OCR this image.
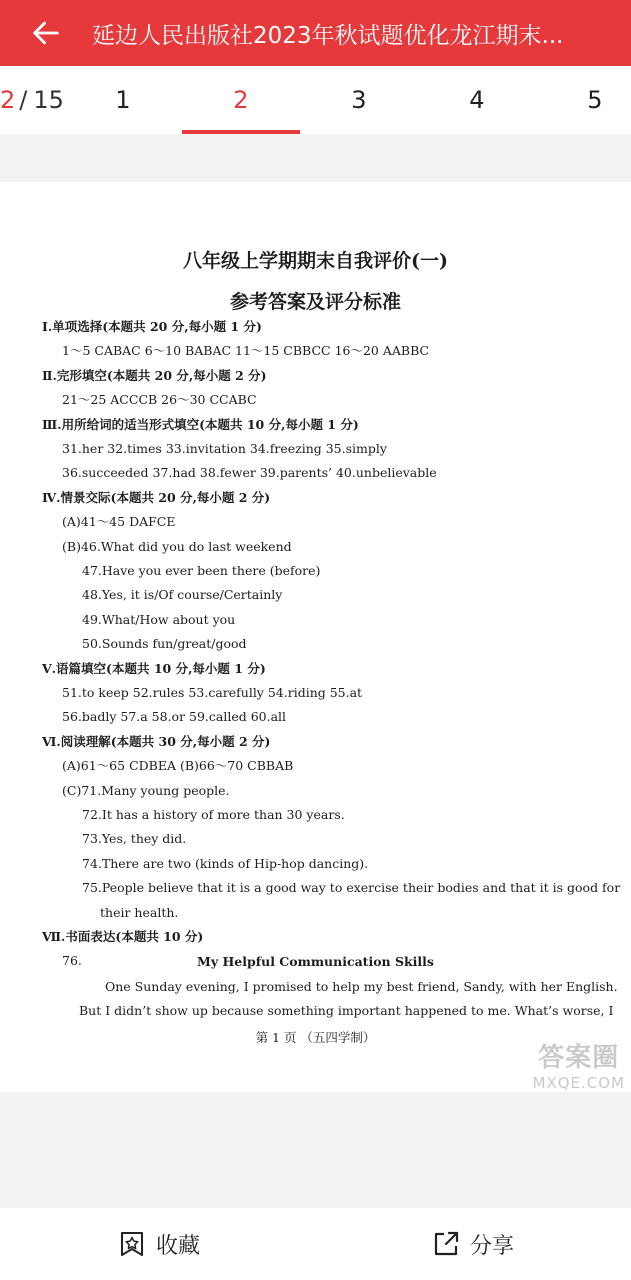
延边人民出版社2023年秋试题优化龙江期末...
2 / 15	1	2	3	4	5
八年级上学期期末自我评价(一)
参考答案及评分标准
Ⅰ.单项选择(本题共 20 分,每小题 1 分)
1～5 CABAC 6～10 BABAC 11～15 CBBCC 16～20 AABBC
Ⅱ.完形填空(本题共 20 分,每小题 2 分)
21～25 ACCCB 26～30 CCABC
Ⅲ.用所给词的适当形式填空(本题共 10 分,每小题 1 分)
31.her 32.times 33.invitation 34.freezing 35.simply
36.succeeded 37.had 38.fewer 39.parents’ 40.unbelievable
Ⅳ.情景交际(本题共 20 分,每小题 2 分)
(A)41～45 DAFCE
(B)46.What did you do last weekend
47.Have you ever been there (before)
48.Yes, it is/Of course/Certainly
49.What/How about you
50.Sounds fun/great/good
Ⅴ.语篇填空(本题共 10 分,每小题 1 分)
51.to keep 52.rules 53.carefully 54.riding 55.at
56.badly 57.a 58.or 59.called 60.all
Ⅵ.阅读理解(本题共 30 分,每小题 2 分)
(A)61～65 CDBEA (B)66～70 CBBAB
(C)71.Many young people.
72.It has a history of more than 30 years.
73.Yes, they did.
74.There are two (kinds of Hip-hop dancing).
75.People believe that it is a good way to exercise their bodies and that it is good for
their health.
Ⅶ.书面表达(本题共 10 分)
76.	My Helpful Communication Skills
One Sunday evening, I promised to help my best friend, Sandy, with her English.
But I didn’t show up because something important happened to me. What’s worse, I
第 1 页 （五四学制）
答案圈
MXQE.COM
收藏	分享
